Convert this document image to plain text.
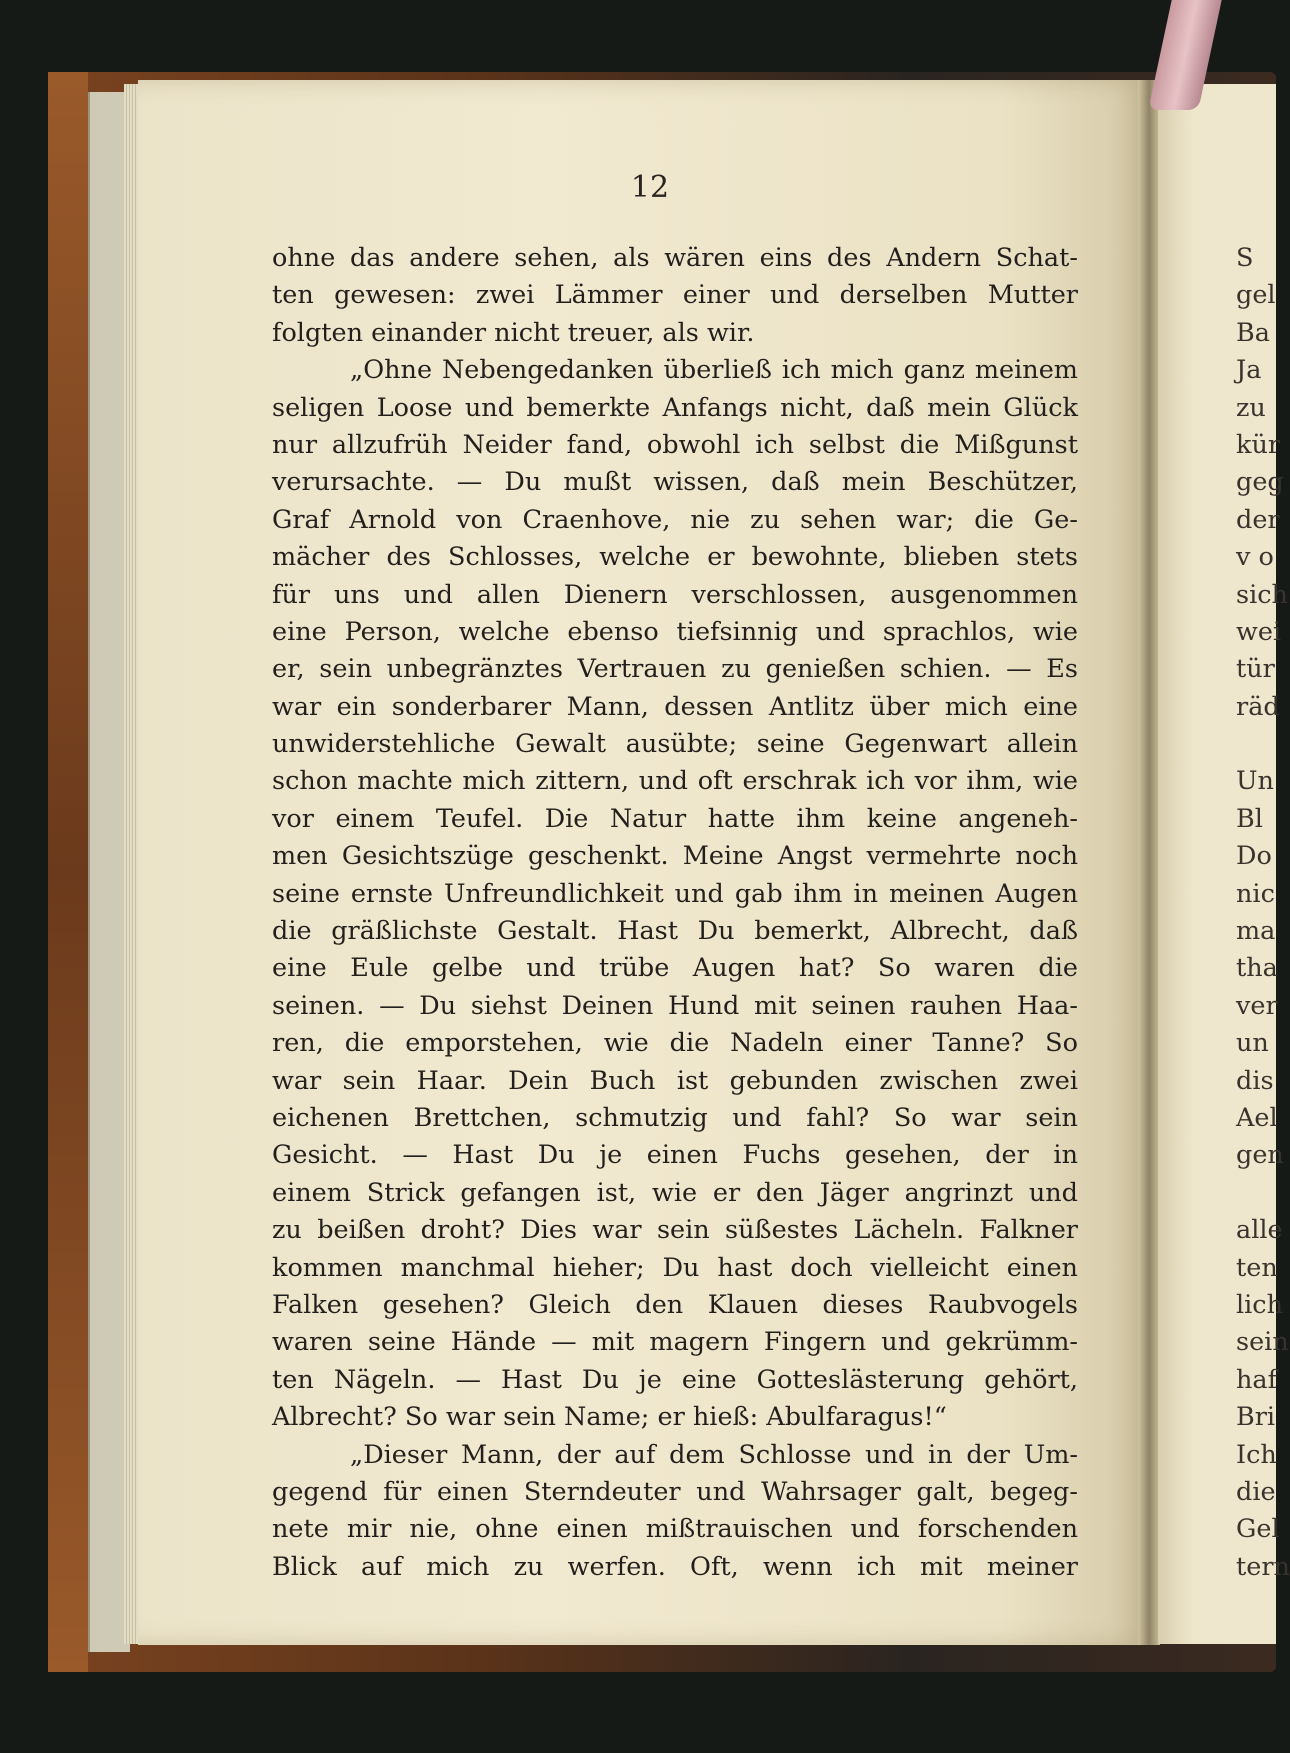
12
ohne das andere sehen, als wären eins des Andern Schat-
ten gewesen: zwei Lämmer einer und derselben Mutter
folgten einander nicht treuer, als wir.
„Ohne Nebengedanken überließ ich mich ganz meinem
seligen Loose und bemerkte Anfangs nicht, daß mein Glück
nur allzufrüh Neider fand, obwohl ich selbst die Mißgunst
verursachte. — Du mußt wissen, daß mein Beschützer,
Graf Arnold von Craenhove, nie zu sehen war; die Ge-
mächer des Schlosses, welche er bewohnte, blieben stets
für uns und allen Dienern verschlossen, ausgenommen
eine Person, welche ebenso tiefsinnig und sprachlos, wie
er, sein unbegränztes Vertrauen zu genießen schien. — Es
war ein sonderbarer Mann, dessen Antlitz über mich eine
unwiderstehliche Gewalt ausübte; seine Gegenwart allein
schon machte mich zittern, und oft erschrak ich vor ihm, wie
vor einem Teufel. Die Natur hatte ihm keine angeneh-
men Gesichtszüge geschenkt. Meine Angst vermehrte noch
seine ernste Unfreundlichkeit und gab ihm in meinen Augen
die gräßlichste Gestalt. Hast Du bemerkt, Albrecht, daß
eine Eule gelbe und trübe Augen hat? So waren die
seinen. — Du siehst Deinen Hund mit seinen rauhen Haa-
ren, die emporstehen, wie die Nadeln einer Tanne? So
war sein Haar. Dein Buch ist gebunden zwischen zwei
eichenen Brettchen, schmutzig und fahl? So war sein
Gesicht. — Hast Du je einen Fuchs gesehen, der in
einem Strick gefangen ist, wie er den Jäger angrinzt und
zu beißen droht? Dies war sein süßestes Lächeln. Falkner
kommen manchmal hieher; Du hast doch vielleicht einen
Falken gesehen? Gleich den Klauen dieses Raubvogels
waren seine Hände — mit magern Fingern und gekrümm-
ten Nägeln. — Hast Du je eine Gotteslästerung gehört,
Albrecht? So war sein Name; er hieß: Abulfaragus!“
„Dieser Mann, der auf dem Schlosse und in der Um-
gegend für einen Sterndeuter und Wahrsager galt, begeg-
nete mir nie, ohne einen mißtrauischen und forschenden
Blick auf mich zu werfen. Oft, wenn ich mit meiner
S
gel
Ba
Ja
zu
kür
geg
der
v o
sich
wei
tür
räd
Un
Bl
Do
nic
ma
tha
ver
un
dis
Ael
gen
alle
ten
lich
sein
haf
Bri
Ich
die
Gel
tern
